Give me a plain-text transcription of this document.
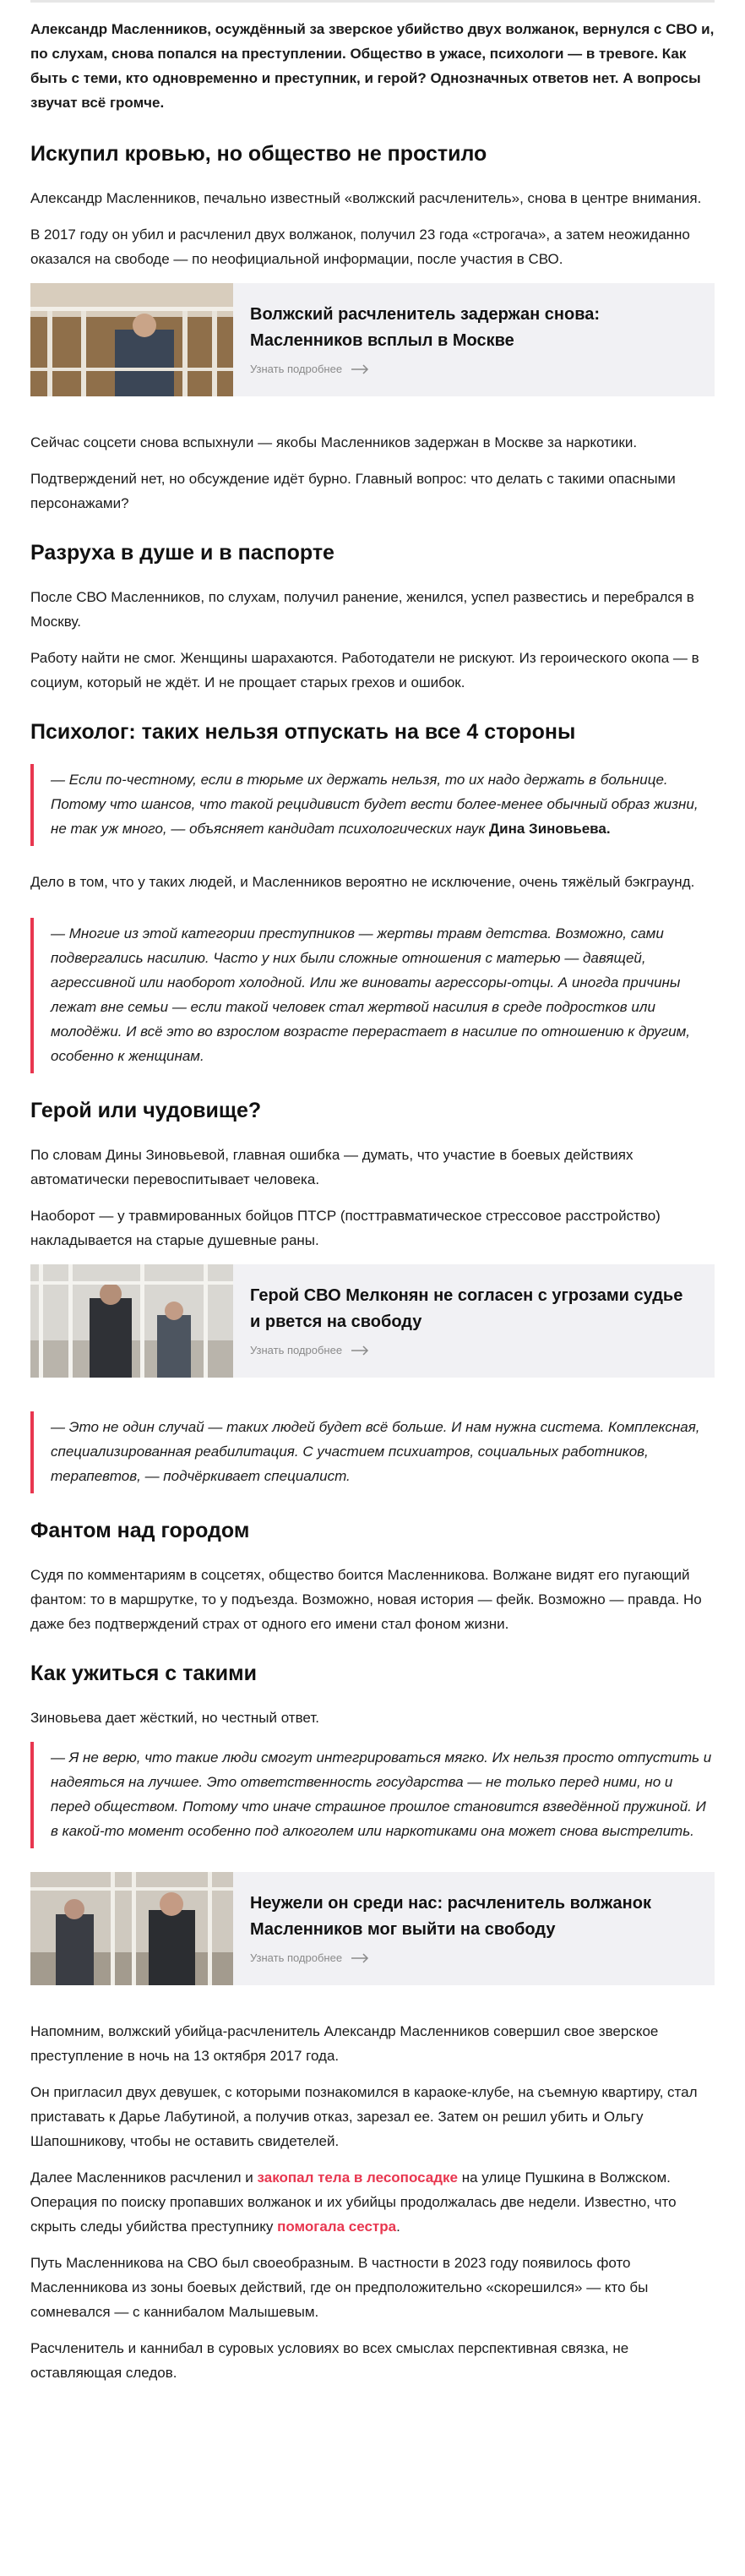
Александр Масленников, осуждённый за зверское убийство двух волжанок, вернулся с СВО и, по слухам, снова попался на преступлении. Общество в ужасе, психологи — в тревоге. Как быть с теми, кто одновременно и преступник, и герой? Однозначных ответов нет. А вопросы звучат всё громче.

Искупил кровью, но общество не простило

Александр Масленников, печально известный «волжский расчленитель», снова в центре внимания.

В 2017 году он убил и расчленил двух волжанок, получил 23 года «строгача», а затем неожиданно оказался на свободе — по неофициальной информации, после участия в СВО.

Волжский расчленитель задержан снова: Масленников всплыл в Москве
Узнать подробнее

Сейчас соцсети снова вспыхнули — якобы Масленников задержан в Москве за наркотики.

Подтверждений нет, но обсуждение идёт бурно. Главный вопрос: что делать с такими опасными персонажами?

Разруха в душе и в паспорте

После СВО Масленников, по слухам, получил ранение, женился, успел развестись и перебрался в Москву.

Работу найти не смог. Женщины шарахаются. Работодатели не рискуют. Из героического окопа — в социум, который не ждёт. И не прощает старых грехов и ошибок.

Психолог: таких нельзя отпускать на все 4 стороны
— Если по-честному, если в тюрьме их держать нельзя, то их надо держать в больнице. Потому что шансов, что такой рецидивист будет вести более-менее обычный образ жизни, не так уж много, — объясняет кандидат психологических наук Дина Зиновьева.

Дело в том, что у таких людей, и Масленников вероятно не исключение, очень тяжёлый бэкграунд.

— Многие из этой категории преступников — жертвы травм детства. Возможно, сами подвергались насилию. Часто у них были сложные отношения с матерью — давящей, агрессивной или наоборот холодной. Или же виноваты агрессоры-отцы. А иногда причины лежат вне семьи — если такой человек стал жертвой насилия в среде подростков или молодёжи. И всё это во взрослом возрасте перерастает в насилие по отношению к другим, особенно к женщинам.
Герой или чудовище?

По словам Дины Зиновьевой, главная ошибка — думать, что участие в боевых действиях автоматически перевоспитывает человека.

Наоборот — у травмированных бойцов ПТСР (посттравматическое стрессовое расстройство) накладывается на старые душевные раны.

Герой СВО Мелконян не согласен с угрозами судье и рвется на свободу
Узнать подробнее
— Это не один случай — таких людей будет всё больше. И нам нужна система. Комплексная, специализированная реабилитация. С участием психиатров, социальных работников, терапевтов, — подчёркивает специалист.
Фантом над городом

Судя по комментариям в соцсетях, общество боится Масленникова. Волжане видят его пугающий фантом: то в маршрутке, то у подъезда. Возможно, новая история — фейк. Возможно — правда. Но даже без подтверждений страх от одного его имени стал фоном жизни.

Как ужиться с такими

Зиновьева дает жёсткий, но честный ответ.

— Я не верю, что такие люди смогут интегрироваться мягко. Их нельзя просто отпустить и надеяться на лучшее. Это ответственность государства — не только перед ними, но и перед обществом. Потому что иначе страшное прошлое становится взведённой пружиной. И в какой-то момент особенно под алкоголем или наркотиками она может снова выстрелить.
Неужели он среди нас: расчленитель волжанок Масленников мог выйти на свободу
Узнать подробнее

Напомним, волжский убийца-расчленитель Александр Масленников совершил свое зверское преступление в ночь на 13 октября 2017 года.

Он пригласил двух девушек, с которыми познакомился в караоке-клубе, на съемную квартиру, стал приставать к Дарье Лабутиной, а получив отказ, зарезал ее. Затем он решил убить и Ольгу Шапошникову, чтобы не оставить свидетелей.

Далее Масленников расчленил и закопал тела в лесопосадке на улице Пушкина в Волжском. Операция по поиску пропавших волжанок и их убийцы продолжалась две недели. Известно, что скрыть следы убийства преступнику помогала сестра.

Путь Масленникова на СВО был своеобразным. В частности в 2023 году появилось фото Масленникова из зоны боевых действий, где он предположительно «скорешился» — кто бы сомневался — с каннибалом Малышевым.

Расчленитель и каннибал в суровых условиях во всех смыслах перспективная связка, не оставляющая следов.
